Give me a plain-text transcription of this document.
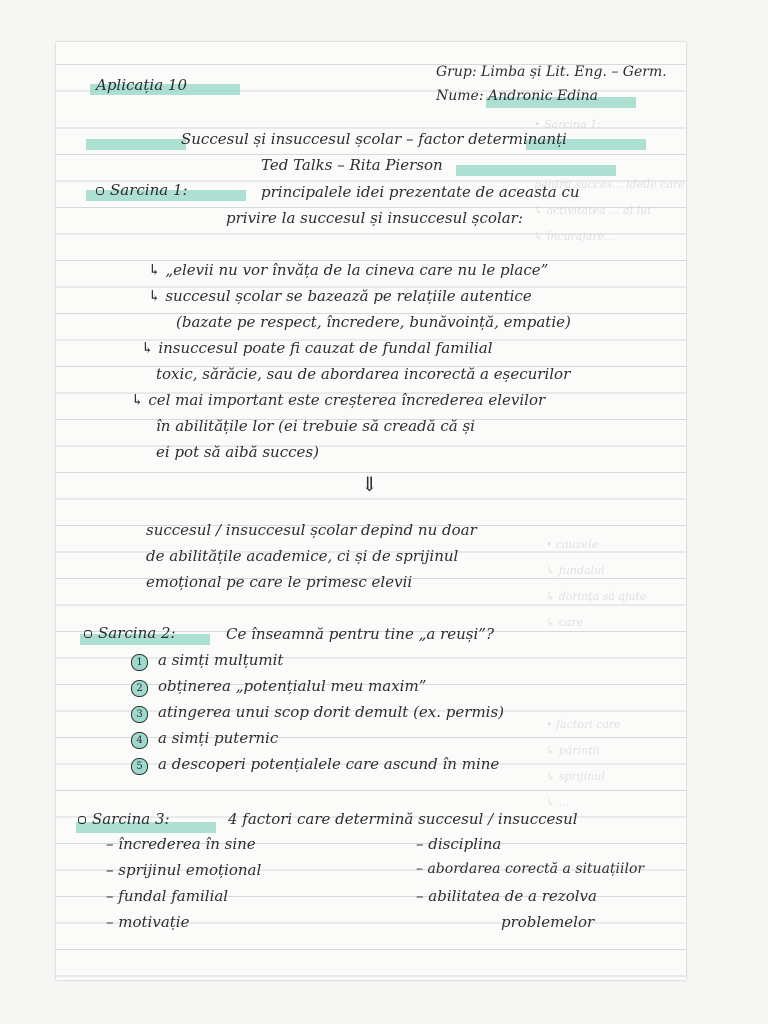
• Sarcina 1:
pentru succes... ideile care
↳ activitatea ... al lui
↳ încurajare...
• cauzele
↳ fundalul
↳ dorința să ajute
↳ care
• factori care
↳ părinții
↳ sprijinul
↳ ...
Aplicația 10
Grup: Limba și Lit. Eng. – Germ.
Nume: Andronic Edina
Succesul și insuccesul școlar – factor determinanți
Ted Talks – Rita Pierson
Sarcina 1:	principalele idei prezentate de aceasta cu
privire la succesul și insuccesul școlar:
↳ „elevii nu vor învăța de la cineva care nu le place”
↳ succesul școlar se bazează pe relațiile autentice
(bazate pe respect, încredere, bunăvoință, empatie)
↳ insuccesul poate fi cauzat de fundal familial
toxic, sărăcie, sau de abordarea incorectă a eșecurilor
↳ cel mai important este creșterea încrederea elevilor
în abilitățile lor (ei trebuie să creadă că și
ei pot să aibă succes)
⇓
succesul / insuccesul școlar depind nu doar
de abilitățile academice, ci și de sprijinul
emoțional pe care le primesc elevii
Sarcina 2:	Ce înseamnă pentru tine „a reuși”?
1 a simți mulțumit
2 obținerea „potențialul meu maxim”
3 atingerea unui scop dorit demult (ex. permis)
4 a simți puternic
5 a descoperi potențialele care ascund în mine
Sarcina 3:	4 factori care determină succesul / insuccesul
– încrederea în sine
– sprijinul emoțional
– fundal familial
– motivație
– disciplina
– abordarea corectă a situațiilor
– abilitatea de a rezolva
problemelor
